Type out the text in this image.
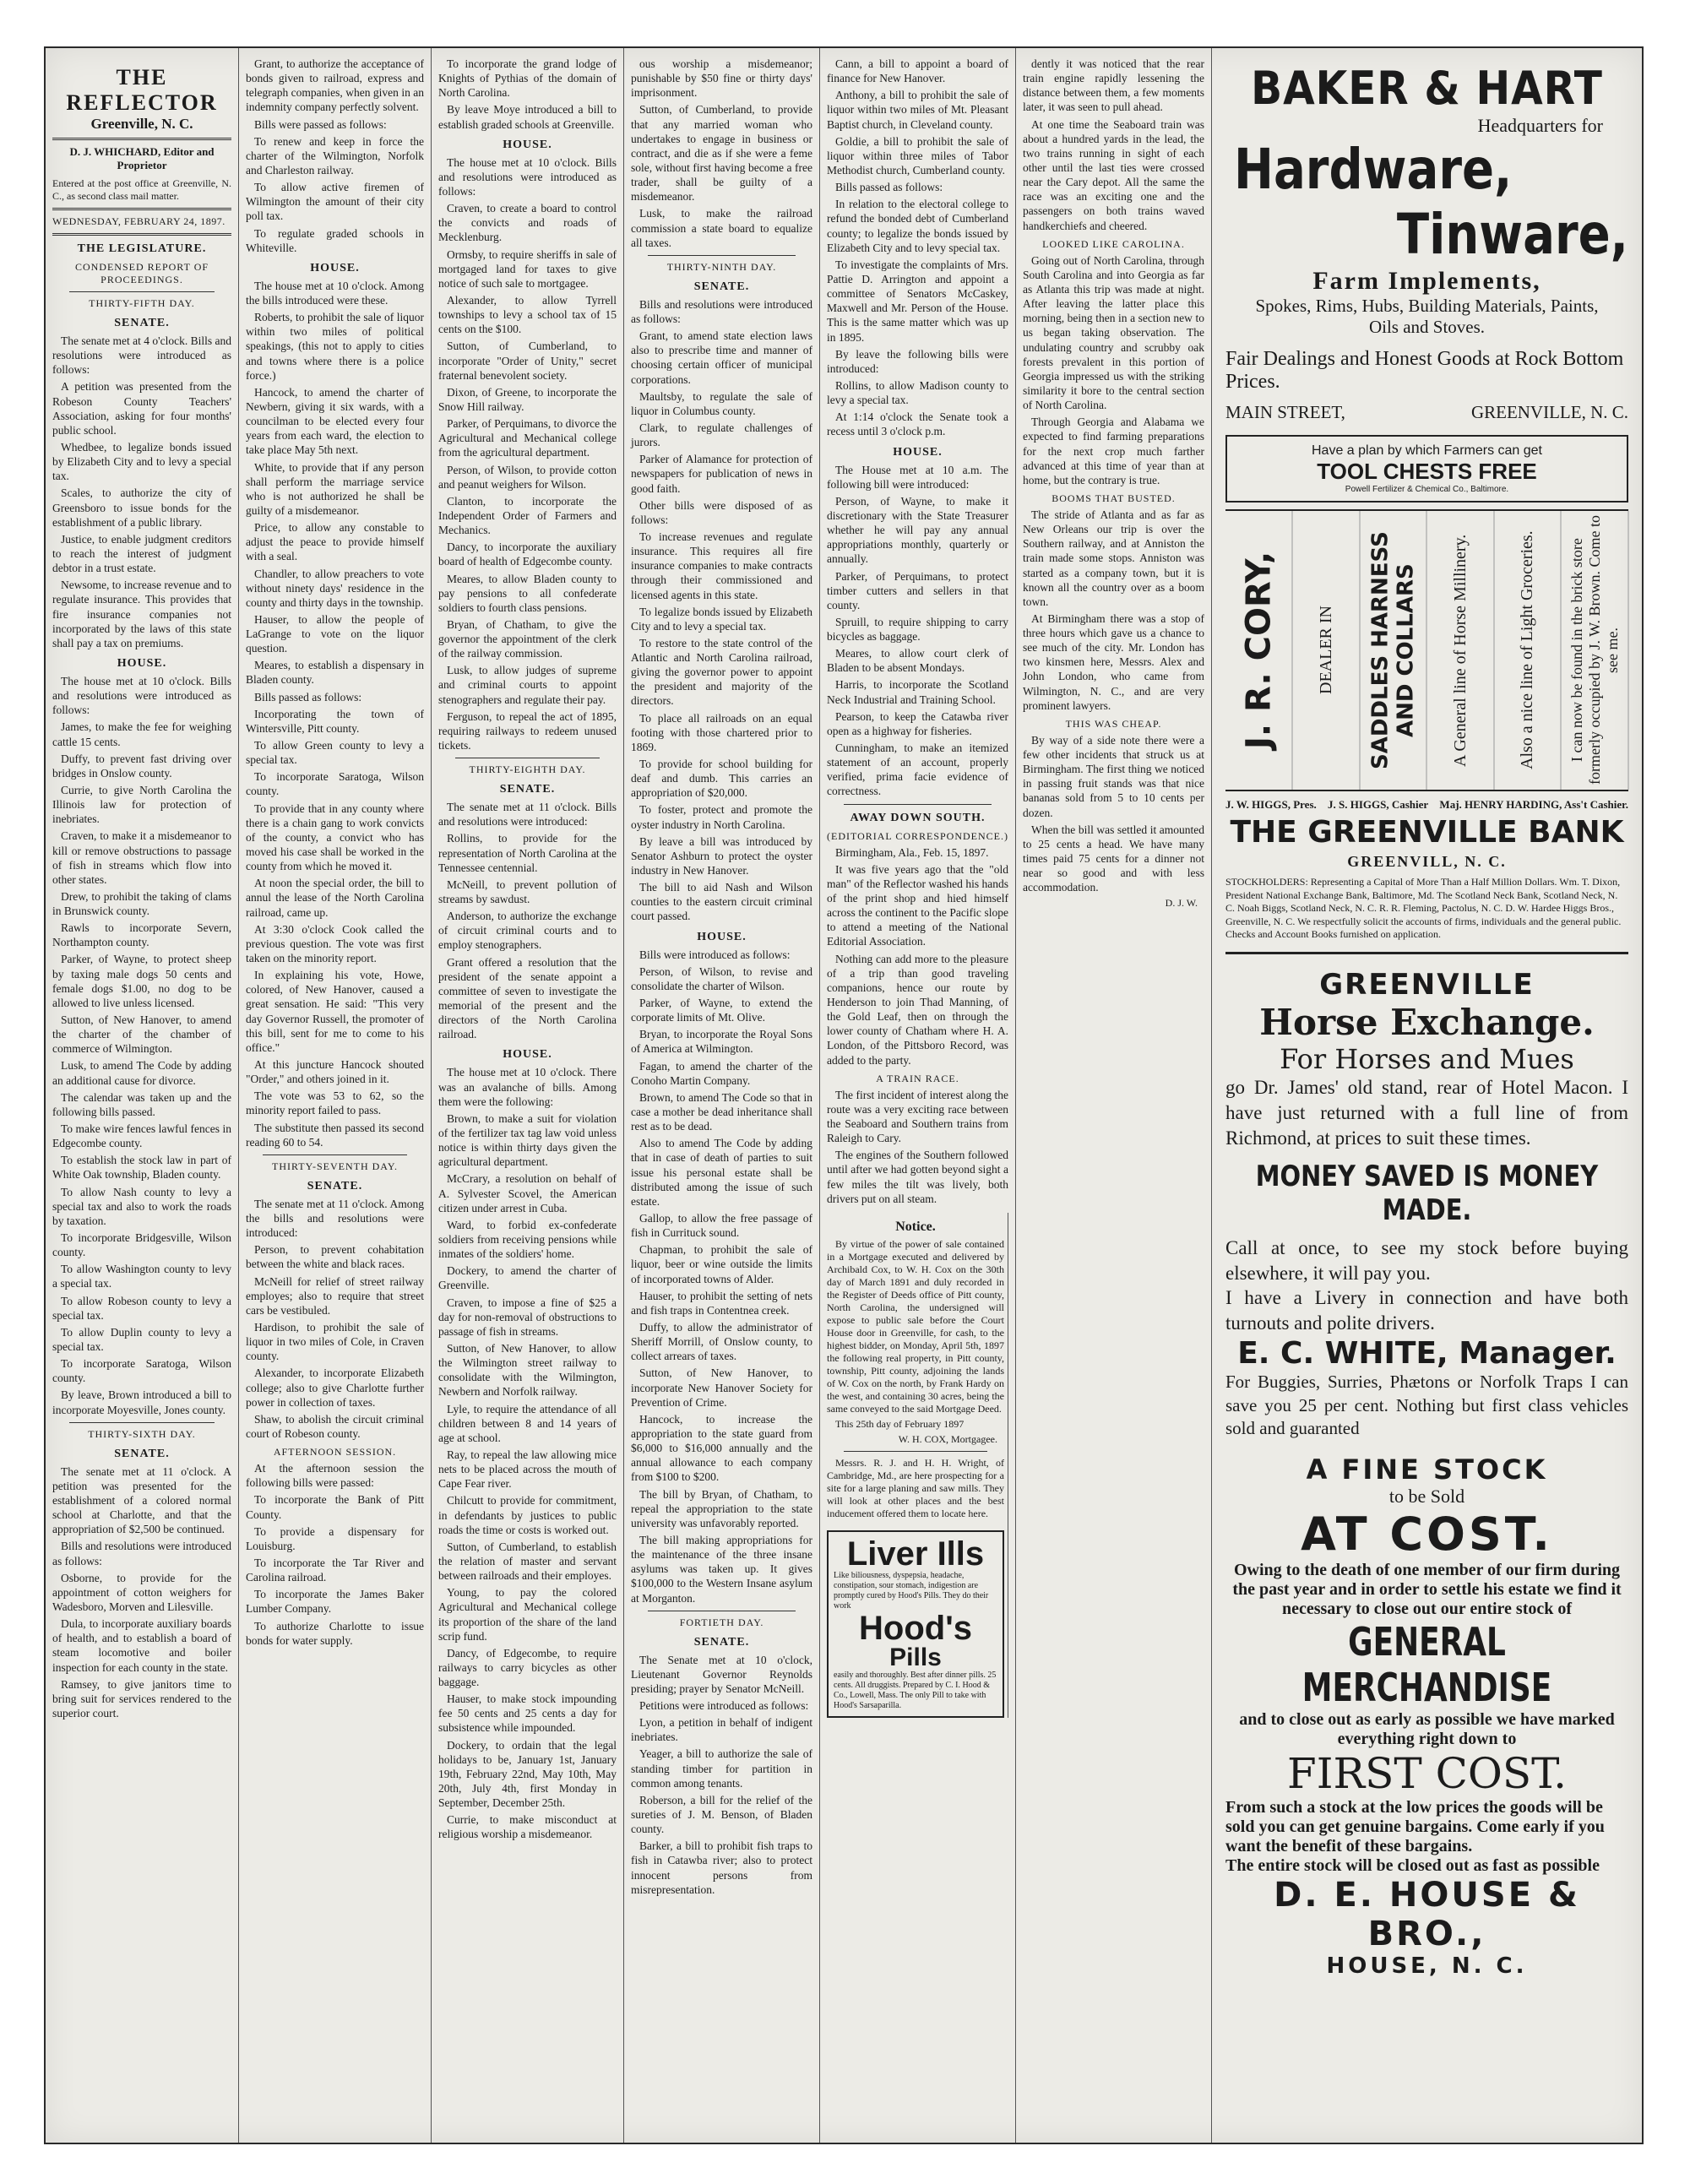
THE REFLECTOR
Greenville, N. C.
D. J. WHICHARD, Editor and Proprietor
Entered at the post office at Greenville, N. C., as second class mail matter.
WEDNESDAY, FEBRUARY 24, 1897.
THE LEGISLATURE.
CONDENSED REPORT OF PROCEEDINGS.
THIRTY-FIFTH DAY.
SENATE.

The senate met at 4 o'clock. Bills and resolutions were introduced as follows:

A petition was presented from the Robeson County Teachers' Association, asking for four months' public school.

Whedbee, to legalize bonds issued by Elizabeth City and to levy a special tax.

Scales, to authorize the city of Greensboro to issue bonds for the establishment of a public library.

Justice, to enable judgment creditors to reach the interest of judgment debtor in a trust estate.

Newsome, to increase revenue and to regulate insurance. This provides that fire insurance companies not incorporated by the laws of this state shall pay a tax on premiums.

HOUSE.

The house met at 10 o'clock. Bills and resolutions were introduced as follows:

James, to make the fee for weighing cattle 15 cents.

Duffy, to prevent fast driving over bridges in Onslow county.

Currie, to give North Carolina the Illinois law for protection of inebriates.

Craven, to make it a misdemeanor to kill or remove obstructions to passage of fish in streams which flow into other states.

Drew, to prohibit the taking of clams in Brunswick county.

Rawls to incorporate Severn, Northampton county.

Parker, of Wayne, to protect sheep by taxing male dogs 50 cents and female dogs $1.00, no dog to be allowed to live unless licensed.

Sutton, of New Hanover, to amend the charter of the chamber of commerce of Wilmington.

Lusk, to amend The Code by adding an additional cause for divorce.

The calendar was taken up and the following bills passed.

To make wire fences lawful fences in Edgecombe county.

To establish the stock law in part of White Oak township, Bladen county.

To allow Nash county to levy a special tax and also to work the roads by taxation.

To incorporate Bridgesville, Wilson county.

To allow Washington county to levy a special tax.

To allow Robeson county to levy a special tax.

To allow Duplin county to levy a special tax.

To incorporate Saratoga, Wilson county.

By leave, Brown introduced a bill to incorporate Moyesville, Jones county.

THIRTY-SIXTH DAY.
SENATE.

The senate met at 11 o'clock. A petition was presented for the establishment of a colored normal school at Charlotte, and that the appropriation of $2,500 be continued.

Bills and resolutions were introduced as follows:

Osborne, to provide for the appointment of cotton weighers for Wadesboro, Morven and Lilesville.

Dula, to incorporate auxiliary boards of health, and to establish a board of steam locomotive and boiler inspection for each county in the state.

Ramsey, to give janitors time to bring suit for services rendered to the superior court.

Grant, to authorize the acceptance of bonds given to railroad, express and telegraph companies, when given in an indemnity company perfectly solvent.

Bills were passed as follows:

To renew and keep in force the charter of the Wilmington, Norfolk and Charleston railway.

To allow active firemen of Wilmington the amount of their city poll tax.

To regulate graded schools in Whiteville.

HOUSE.

The house met at 10 o'clock. Among the bills introduced were these.

Roberts, to prohibit the sale of liquor within two miles of political speakings, (this not to apply to cities and towns where there is a police force.)

Hancock, to amend the charter of Newbern, giving it six wards, with a councilman to be elected every four years from each ward, the election to take place May 5th next.

White, to provide that if any person shall perform the marriage service who is not authorized he shall be guilty of a misdemeanor.

Price, to allow any constable to adjust the peace to provide himself with a seal.

Chandler, to allow preachers to vote without ninety days' residence in the county and thirty days in the township.

Hauser, to allow the people of LaGrange to vote on the liquor question.

Meares, to establish a dispensary in Bladen county.

Bills passed as follows:

Incorporating the town of Wintersville, Pitt county.

To allow Green county to levy a special tax.

To incorporate Saratoga, Wilson county.

To provide that in any county where there is a chain gang to work convicts of the county, a convict who has moved his case shall be worked in the county from which he moved it.

At noon the special order, the bill to annul the lease of the North Carolina railroad, came up.

At 3:30 o'clock Cook called the previous question. The vote was first taken on the minority report.

In explaining his vote, Howe, colored, of New Hanover, caused a great sensation. He said: "This very day Governor Russell, the promoter of this bill, sent for me to come to his office."

At this juncture Hancock shouted "Order," and others joined in it.

The vote was 53 to 62, so the minority report failed to pass.

The substitute then passed its second reading 60 to 54.

THIRTY-SEVENTH DAY.
SENATE.

The senate met at 11 o'clock. Among the bills and resolutions were introduced:

Person, to prevent cohabitation between the white and black races.

McNeill for relief of street railway employes; also to require that street cars be vestibuled.

Hardison, to prohibit the sale of liquor in two miles of Cole, in Craven county.

Alexander, to incorporate Elizabeth college; also to give Charlotte further power in collection of taxes.

Shaw, to abolish the circuit criminal court of Robeson county.

AFTERNOON SESSION.

At the afternoon session the following bills were passed:

To incorporate the Bank of Pitt County.

To provide a dispensary for Louisburg.

To incorporate the Tar River and Carolina railroad.

To incorporate the James Baker Lumber Company.

To authorize Charlotte to issue bonds for water supply.

To incorporate the grand lodge of Knights of Pythias of the domain of North Carolina.

By leave Moye introduced a bill to establish graded schools at Greenville.

HOUSE.

The house met at 10 o'clock. Bills and resolutions were introduced as follows:

Craven, to create a board to control the convicts and roads of Mecklenburg.

Ormsby, to require sheriffs in sale of mortgaged land for taxes to give notice of such sale to mortgagee.

Alexander, to allow Tyrrell townships to levy a school tax of 15 cents on the $100.

Sutton, of Cumberland, to incorporate "Order of Unity," secret fraternal benevolent society.

Dixon, of Greene, to incorporate the Snow Hill railway.

Parker, of Perquimans, to divorce the Agricultural and Mechanical college from the agricultural department.

Person, of Wilson, to provide cotton and peanut weighers for Wilson.

Clanton, to incorporate the Independent Order of Farmers and Mechanics.

Dancy, to incorporate the auxiliary board of health of Edgecombe county.

Meares, to allow Bladen county to pay pensions to all confederate soldiers to fourth class pensions.

Bryan, of Chatham, to give the governor the appointment of the clerk of the railway commission.

Lusk, to allow judges of supreme and criminal courts to appoint stenographers and regulate their pay.

Ferguson, to repeal the act of 1895, requiring railways to redeem unused tickets.

THIRTY-EIGHTH DAY.
SENATE.

The senate met at 11 o'clock. Bills and resolutions were introduced:

Rollins, to provide for the representation of North Carolina at the Tennessee centennial.

McNeill, to prevent pollution of streams by sawdust.

Anderson, to authorize the exchange of circuit criminal courts and to employ stenographers.

Grant offered a resolution that the president of the senate appoint a committee of seven to investigate the memorial of the present and the directors of the North Carolina railroad.

HOUSE.

The house met at 10 o'clock. There was an avalanche of bills. Among them were the following:

Brown, to make a suit for violation of the fertilizer tax tag law void unless notice is within thirty days given the agricultural department.

McCrary, a resolution on behalf of A. Sylvester Scovel, the American citizen under arrest in Cuba.

Ward, to forbid ex-confederate soldiers from receiving pensions while inmates of the soldiers' home.

Dockery, to amend the charter of Greenville.

Craven, to impose a fine of $25 a day for non-removal of obstructions to passage of fish in streams.

Sutton, of New Hanover, to allow the Wilmington street railway to consolidate with the Wilmington, Newbern and Norfolk railway.

Lyle, to require the attendance of all children between 8 and 14 years of age at school.

Ray, to repeal the law allowing mice nets to be placed across the mouth of Cape Fear river.

Chilcutt to provide for commitment, in defendants by justices to public roads the time or costs is worked out.

Sutton, of Cumberland, to establish the relation of master and servant between railroads and their employes.

Young, to pay the colored Agricultural and Mechanical college its proportion of the share of the land scrip fund.

Dancy, of Edgecombe, to require railways to carry bicycles as other baggage.

Hauser, to make stock impounding fee 50 cents and 25 cents a day for subsistence while impounded.

Dockery, to ordain that the legal holidays to be, January 1st, January 19th, February 22nd, May 10th, May 20th, July 4th, first Monday in September, December 25th.

Currie, to make misconduct at religious worship a misdemeanor.

ous worship a misdemeanor; punishable by $50 fine or thirty days' imprisonment.

Sutton, of Cumberland, to provide that any married woman who undertakes to engage in business or contract, and die as if she were a feme sole, without first having become a free trader, shall be guilty of a misdemeanor.

Lusk, to make the railroad commission a state board to equalize all taxes.

THIRTY-NINTH DAY.
SENATE.

Bills and resolutions were introduced as follows:

Grant, to amend state election laws also to prescribe time and manner of choosing certain officer of municipal corporations.

Maultsby, to regulate the sale of liquor in Columbus county.

Clark, to regulate challenges of jurors.

Parker of Alamance for protection of newspapers for publication of news in good faith.

Other bills were disposed of as follows:

To increase revenues and regulate insurance. This requires all fire insurance companies to make contracts through their commissioned and licensed agents in this state.

To legalize bonds issued by Elizabeth City and to levy a special tax.

To restore to the state control of the Atlantic and North Carolina railroad, giving the governor power to appoint the president and majority of the directors.

To place all railroads on an equal footing with those chartered prior to 1869.

To provide for school building for deaf and dumb. This carries an appropriation of $20,000.

To foster, protect and promote the oyster industry in North Carolina.

By leave a bill was introduced by Senator Ashburn to protect the oyster industry in New Hanover.

The bill to aid Nash and Wilson counties to the eastern circuit criminal court passed.

HOUSE.

Bills were introduced as follows:

Person, of Wilson, to revise and consolidate the charter of Wilson.

Parker, of Wayne, to extend the corporate limits of Mt. Olive.

Bryan, to incorporate the Royal Sons of America at Wilmington.

Fagan, to amend the charter of the Conoho Martin Company.

Brown, to amend The Code so that in case a mother be dead inheritance shall rest as to be dead.

Also to amend The Code by adding that in case of death of parties to suit issue his personal estate shall be distributed among the issue of such estate.

Gallop, to allow the free passage of fish in Currituck sound.

Chapman, to prohibit the sale of liquor, beer or wine outside the limits of incorporated towns of Alder.

Hauser, to prohibit the setting of nets and fish traps in Contentnea creek.

Duffy, to allow the administrator of Sheriff Morrill, of Onslow county, to collect arrears of taxes.

Sutton, of New Hanover, to incorporate New Hanover Society for Prevention of Crime.

Hancock, to increase the appropriation to the state guard from $6,000 to $16,000 annually and the annual allowance to each company from $100 to $200.

The bill by Bryan, of Chatham, to repeal the appropriation to the state university was unfavorably reported.

The bill making appropriations for the maintenance of the three insane asylums was taken up. It gives $100,000 to the Western Insane asylum at Morganton.

FORTIETH DAY.
SENATE.

The Senate met at 10 o'clock, Lieutenant Governor Reynolds presiding; prayer by Senator McNeill.

Petitions were introduced as follows:

Lyon, a petition in behalf of indigent inebriates.

Yeager, a bill to authorize the sale of standing timber for partition in common among tenants.

Roberson, a bill for the relief of the sureties of J. M. Benson, of Bladen county.

Barker, a bill to prohibit fish traps to fish in Catawba river; also to protect innocent persons from misrepresentation.

Cann, a bill to appoint a board of finance for New Hanover.

Anthony, a bill to prohibit the sale of liquor within two miles of Mt. Pleasant Baptist church, in Cleveland county.

Goldie, a bill to prohibit the sale of liquor within three miles of Tabor Methodist church, Cumberland county.

Bills passed as follows:

In relation to the electoral college to refund the bonded debt of Cumberland county; to legalize the bonds issued by Elizabeth City and to levy special tax.

To investigate the complaints of Mrs. Pattie D. Arrington and appoint a committee of Senators McCaskey, Maxwell and Mr. Person of the House. This is the same matter which was up in 1895.

By leave the following bills were introduced:

Rollins, to allow Madison county to levy a special tax.

At 1:14 o'clock the Senate took a recess until 3 o'clock p.m.

HOUSE.

The House met at 10 a.m. The following bill were introduced:

Person, of Wayne, to make it discretionary with the State Treasurer whether he will pay any annual appropriations monthly, quarterly or annually.

Parker, of Perquimans, to protect timber cutters and sellers in that county.

Spruill, to require shipping to carry bicycles as baggage.

Meares, to allow court clerk of Bladen to be absent Mondays.

Harris, to incorporate the Scotland Neck Industrial and Training School.

Pearson, to keep the Catawba river open as a highway for fisheries.

Cunningham, to make an itemized statement of an account, properly verified, prima facie evidence of correctness.

AWAY DOWN SOUTH.
(EDITORIAL CORRESPONDENCE.)

Birmingham, Ala., Feb. 15, 1897.

It was five years ago that the "old man" of the Reflector washed his hands of the print shop and hied himself across the continent to the Pacific slope to attend a meeting of the National Editorial Association.

Nothing can add more to the pleasure of a trip than good traveling companions, hence our route by Henderson to join Thad Manning, of the Gold Leaf, then on through the lower county of Chatham where H. A. London, of the Pittsboro Record, was added to the party.

A TRAIN RACE.

The first incident of interest along the route was a very exciting race between the Seaboard and Southern trains from Raleigh to Cary.

The engines of the Southern followed until after we had gotten beyond sight a few miles the tilt was lively, both drivers put on all steam.

Notice.

By virtue of the power of sale contained in a Mortgage executed and delivered by Archibald Cox, to W. H. Cox on the 30th day of March 1891 and duly recorded in the Register of Deeds office of Pitt county, North Carolina, the undersigned will expose to public sale before the Court House door in Greenville, for cash, to the highest bidder, on Monday, April 5th, 1897 the following real property, in Pitt county, township, Pitt county, adjoining the lands of W. Cox on the north, by Frank Hardy on the west, and containing 30 acres, being the same conveyed to the said Mortgage Deed.

This 25th day of February 1897

W. H. COX, Mortgagee.

Messrs. R. J. and H. H. Wright, of Cambridge, Md., are here prospecting for a site for a large planing and saw mills. They will look at other places and the best inducement offered them to locate here.

Liver Ills
Like biliousness, dyspepsia, headache, constipation, sour stomach, indigestion are promptly cured by Hood's Pills. They do their work
Hood's
Pills
easily and thoroughly. Best after dinner pills. 25 cents. All druggists. Prepared by C. I. Hood & Co., Lowell, Mass. The only Pill to take with Hood's Sarsaparilla.

dently it was noticed that the rear train engine rapidly lessening the distance between them, a few moments later, it was seen to pull ahead.

At one time the Seaboard train was about a hundred yards in the lead, the two trains running in sight of each other until the last ties were crossed near the Cary depot. All the same the race was an exciting one and the passengers on both trains waved handkerchiefs and cheered.

LOOKED LIKE CAROLINA.

Going out of North Carolina, through South Carolina and into Georgia as far as Atlanta this trip was made at night. After leaving the latter place this morning, being then in a section new to us began taking observation. The undulating country and scrubby oak forests prevalent in this portion of Georgia impressed us with the striking similarity it bore to the central section of North Carolina.

Through Georgia and Alabama we expected to find farming preparations for the next crop much farther advanced at this time of year than at home, but the contrary is true.

BOOMS THAT BUSTED.

The stride of Atlanta and as far as New Orleans our trip is over the Southern railway, and at Anniston the train made some stops. Anniston was started as a company town, but it is known all the country over as a boom town.

At Birmingham there was a stop of three hours which gave us a chance to see much of the city. Mr. London has two kinsmen here, Messrs. Alex and John London, who came from Wilmington, N. C., and are very prominent lawyers.

THIS WAS CHEAP.

By way of a side note there were a few other incidents that struck us at Birmingham. The first thing we noticed in passing fruit stands was that nice bananas sold from 5 to 10 cents per dozen.

When the bill was settled it amounted to 25 cents a head. We have many times paid 75 cents for a dinner not near so good and with less accommodation.

D. J. W.
BAKER & HART
Headquarters for
Hardware,
Tinware,
Farm Implements,
Spokes, Rims, Hubs, Building Materials, Paints,
Oils and Stoves.
Fair Dealings and Honest Goods at Rock Bottom Prices.
MAIN STREET,	GREENVILLE, N. C.
Have a plan by which Farmers can get
TOOL CHESTS FREE
Powell Fertilizer & Chemical Co., Baltimore.
J. R. CORY, DEALER IN SADDLES HARNESS AND COLLARS A General line of Horse Millinery.	Also a nice line of Light Groceries. I can now be found in the brick store formerly occupied by J. W. Brown. Come to see me.
J. W. HIGGS, Pres. J. S. HIGGS, Cashier Maj. HENRY HARDING, Ass't Cashier.
THE GREENVILLE BANK
GREENVILL, N. C.
STOCKHOLDERS: Representing a Capital of More Than a Half Million Dollars. Wm. T. Dixon, President National Exchange Bank, Baltimore, Md. The Scotland Neck Bank, Scotland Neck, N. C. Noah Biggs, Scotland Neck, N. C. R. R. Fleming, Pactolus, N. C. D. W. Hardee Higgs Bros., Greenville, N. C. We respectfully solicit the accounts of firms, individuals and the general public. Checks and Account Books furnished on application.
GREENVILLE
Horse Exchange.
For Horses and Mues
go Dr. James' old stand, rear of Hotel Macon. I have just returned with a full line of from Richmond, at prices to suit these times.
MONEY SAVED IS MONEY MADE.
Call at once, to see my stock before buying elsewhere, it will pay you.
I have a Livery in connection and have both turnouts and polite drivers.
E. C. WHITE, Manager.
For Buggies, Surries, Phætons or Norfolk Traps I can save you 25 per cent. Nothing but first class vehicles sold and guaranted
A FINE STOCK
to be Sold
AT COST.
Owing to the death of one member of our firm during the past year and in order to settle his estate we find it necessary to close out our entire stock of
GENERAL MERCHANDISE
and to close out as early as possible we have marked everything right down to
FIRST COST.
From such a stock at the low prices the goods will be sold you can get genuine bargains. Come early if you want the benefit of these bargains.
The entire stock will be closed out as fast as possible
D. E. HOUSE & BRO.,
HOUSE, N. C.
